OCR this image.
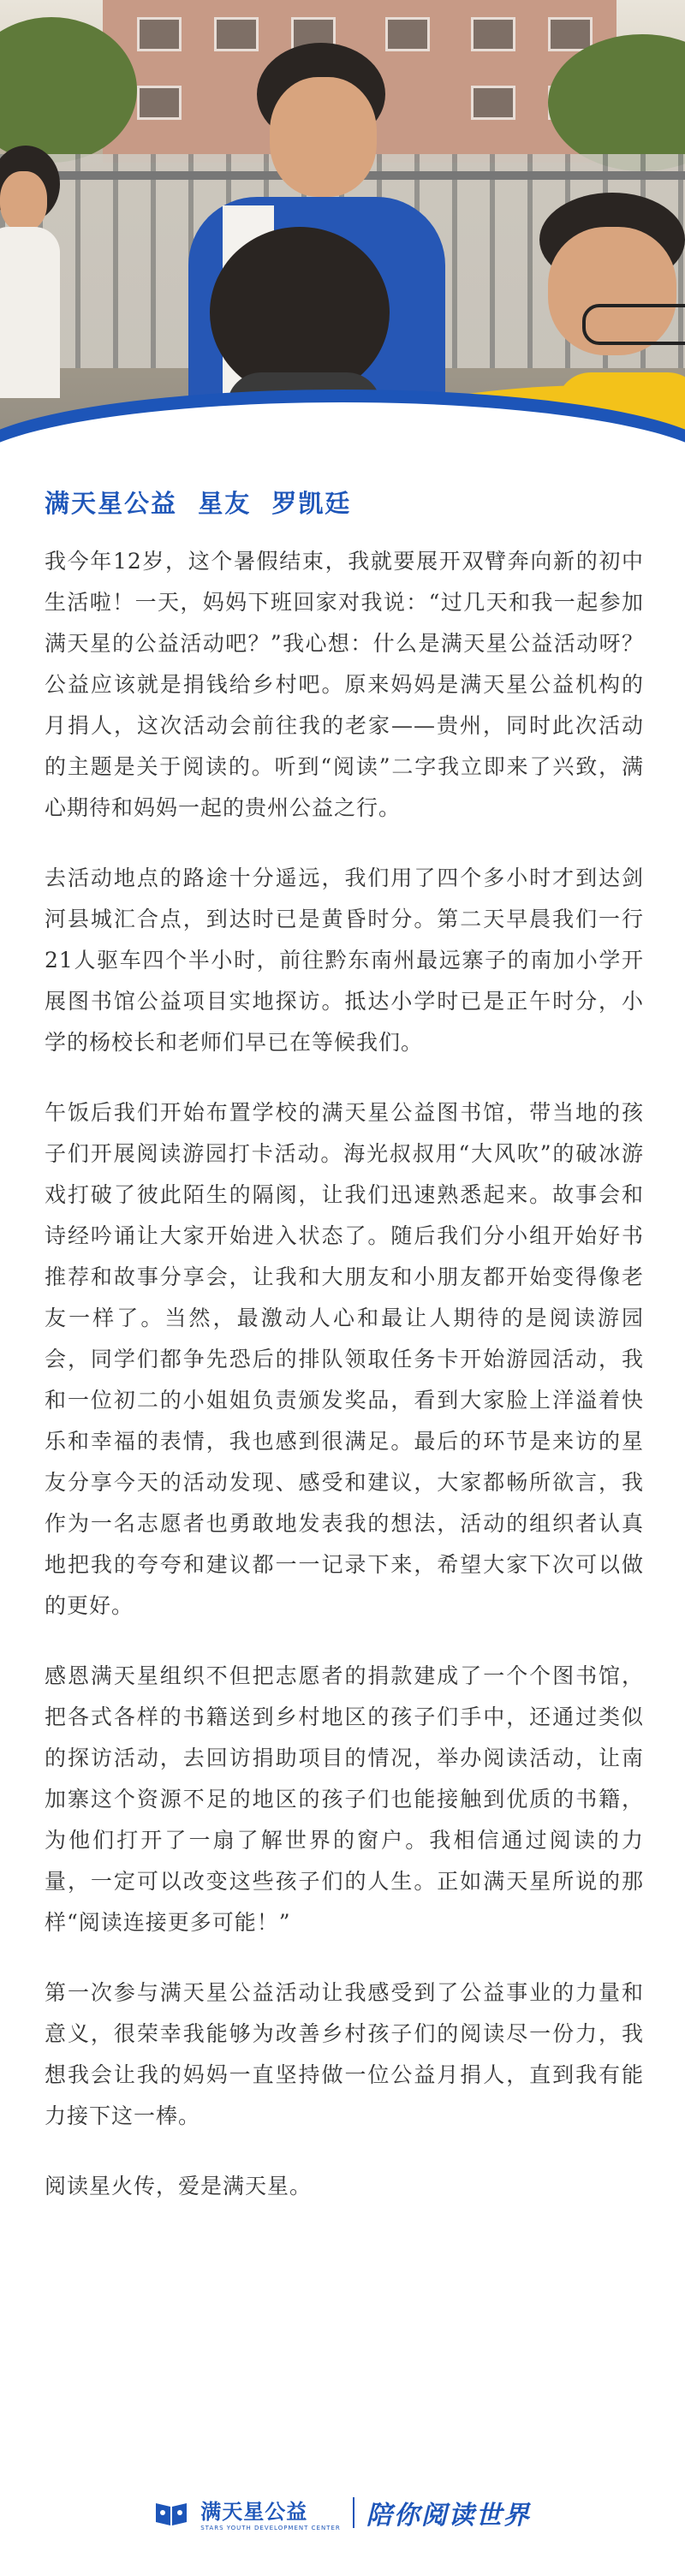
满天星公益  星友  罗凯廷

我今年12岁，这个暑假结束，我就要展开双臂奔向新的初中生活啦！一天，妈妈下班回家对我说：“过几天和我一起参加满天星的公益活动吧？”我心想：什么是满天星公益活动呀？公益应该就是捐钱给乡村吧。原来妈妈是满天星公益机构的月捐人，这次活动会前往我的老家——贵州，同时此次活动的主题是关于阅读的。听到“阅读”二字我立即来了兴致，满心期待和妈妈一起的贵州公益之行。

去活动地点的路途十分遥远，我们用了四个多小时才到达剑河县城汇合点，到达时已是黄昏时分。第二天早晨我们一行21人驱车四个半小时，前往黔东南州最远寨子的南加小学开展图书馆公益项目实地探访。抵达小学时已是正午时分，小学的杨校长和老师们早已在等候我们。

午饭后我们开始布置学校的满天星公益图书馆，带当地的孩子们开展阅读游园打卡活动。海光叔叔用“大风吹”的破冰游戏打破了彼此陌生的隔阂，让我们迅速熟悉起来。故事会和诗经吟诵让大家开始进入状态了。随后我们分小组开始好书推荐和故事分享会，让我和大朋友和小朋友都开始变得像老友一样了。当然，最激动人心和最让人期待的是阅读游园会，同学们都争先恐后的排队领取任务卡开始游园活动，我和一位初二的小姐姐负责颁发奖品，看到大家脸上洋溢着快乐和幸福的表情，我也感到很满足。最后的环节是来访的星友分享今天的活动发现、感受和建议，大家都畅所欲言，我作为一名志愿者也勇敢地发表我的想法，活动的组织者认真地把我的夸夸和建议都一一记录下来，希望大家下次可以做的更好。

感恩满天星组织不但把志愿者的捐款建成了一个个图书馆，把各式各样的书籍送到乡村地区的孩子们手中，还通过类似的探访活动，去回访捐助项目的情况，举办阅读活动，让南加寨这个资源不足的地区的孩子们也能接触到优质的书籍，为他们打开了一扇了解世界的窗户。我相信通过阅读的力量，一定可以改变这些孩子们的人生。正如满天星所说的那样“阅读连接更多可能！”

第一次参与满天星公益活动让我感受到了公益事业的力量和意义，很荣幸我能够为改善乡村孩子们的阅读尽一份力，我想我会让我的妈妈一直坚持做一位公益月捐人，直到我有能力接下这一棒。

阅读星火传，爱是满天星。

满天星公益
STARS YOUTH DEVELOPMENT CENTER 陪你阅读世界
